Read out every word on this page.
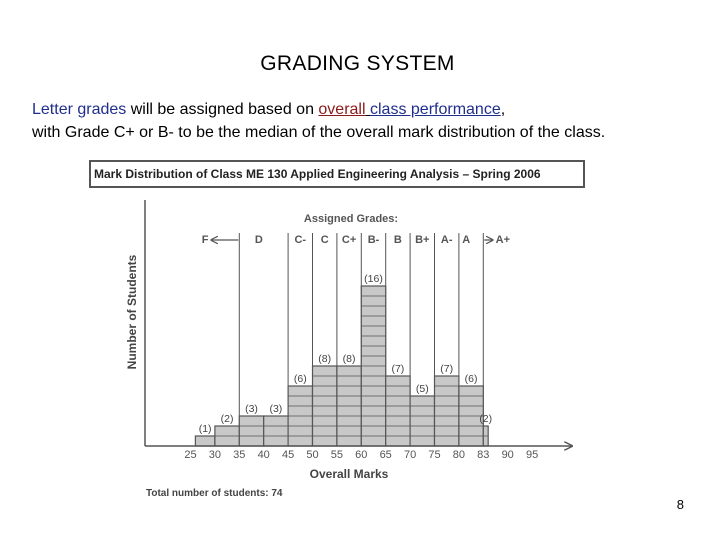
GRADING SYSTEM
Letter grades will be assigned based on overall class performance,
with Grade C+ or B- to be the median of the overall mark distribution of the class.
(1)
(2)
(3) (3)
(6)
(8) (8)
(16)
(7)
(5)
(7)
(6)
(2)
25 30 35 40 45 50 55 60 65 70 75 80 83 90 95
F	D	C- C C+ B- B B+ A- A A+
Assigned Grades:
Number of Students
Overall Marks
Total number of students: 74
Mark Distribution of Class ME 130 Applied Engineering Analysis – Spring 2006
8
